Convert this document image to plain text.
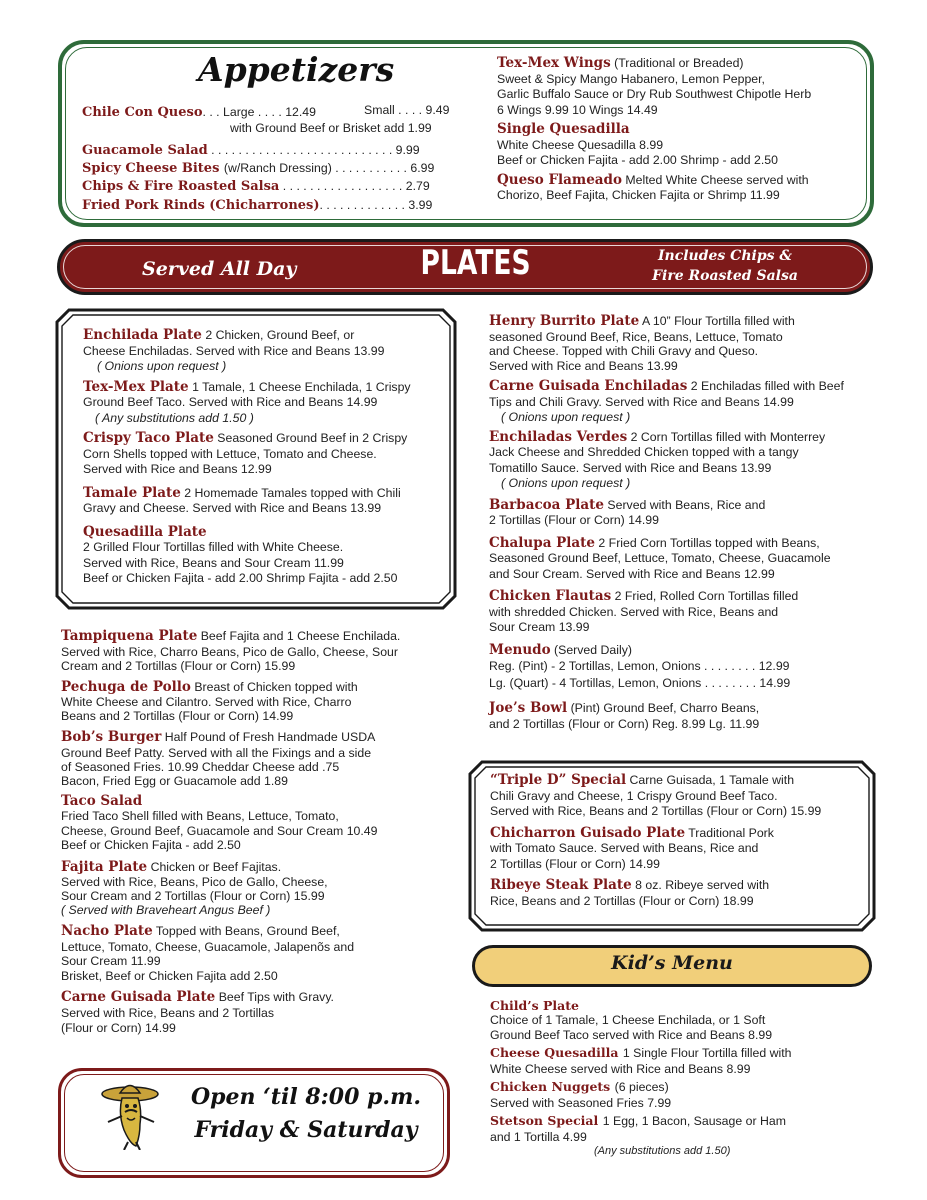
Appetizers
Chile Con Queso. . . Large . . . . 12.49	Small . . . . 9.49
with Ground Beef or Brisket add 1.99
Guacamole Salad . . . . . . . . . . . . . . . . . . . . . . . . . . . 9.99
Spicy Cheese Bites (w/Ranch Dressing) . . . . . . . . . . . 6.99
Chips & Fire Roasted Salsa . . . . . . . . . . . . . . . . . . 2.79
Fried Pork Rinds (Chicharrones). . . . . . . . . . . . . 3.99
Tex-Mex Wings (Traditional or Breaded)
Sweet & Spicy Mango Habanero, Lemon Pepper,
Garlic Buffalo Sauce or Dry Rub Southwest Chipotle Herb
6 Wings 9.99 10 Wings 14.49
Single Quesadilla
White Cheese Quesadilla 8.99
Beef or Chicken Fajita - add 2.00 Shrimp - add 2.50
Queso Flameado Melted White Cheese served with
Chorizo, Beef Fajita, Chicken Fajita or Shrimp 11.99
Served All Day	PLATES	Includes Chips &
Fire Roasted Salsa
Enchilada Plate 2 Chicken, Ground Beef, or
Cheese Enchiladas. Served with Rice and Beans 13.99
( Onions upon request )
Tex-Mex Plate 1 Tamale, 1 Cheese Enchilada, 1 Crispy
Ground Beef Taco. Served with Rice and Beans 14.99
( Any substitutions add 1.50 )
Crispy Taco Plate Seasoned Ground Beef in 2 Crispy
Corn Shells topped with Lettuce, Tomato and Cheese.
Served with Rice and Beans 12.99
Tamale Plate 2 Homemade Tamales topped with Chili
Gravy and Cheese. Served with Rice and Beans 13.99
Quesadilla Plate
2 Grilled Flour Tortillas filled with White Cheese.
Served with Rice, Beans and Sour Cream 11.99
Beef or Chicken Fajita - add 2.00 Shrimp Fajita - add 2.50
Tampiquena Plate Beef Fajita and 1 Cheese Enchilada.
Served with Rice, Charro Beans, Pico de Gallo, Cheese, Sour
Cream and 2 Tortillas (Flour or Corn) 15.99
Pechuga de Pollo Breast of Chicken topped with
White Cheese and Cilantro. Served with Rice, Charro
Beans and 2 Tortillas (Flour or Corn) 14.99
Bob’s Burger Half Pound of Fresh Handmade USDA
Ground Beef Patty. Served with all the Fixings and a side
of Seasoned Fries. 10.99 Cheddar Cheese add .75
Bacon, Fried Egg or Guacamole add 1.89
Taco Salad
Fried Taco Shell filled with Beans, Lettuce, Tomato,
Cheese, Ground Beef, Guacamole and Sour Cream 10.49
Beef or Chicken Fajita - add 2.50
Fajita Plate Chicken or Beef Fajitas.
Served with Rice, Beans, Pico de Gallo, Cheese,
Sour Cream and 2 Tortillas (Flour or Corn) 15.99
( Served with Braveheart Angus Beef )
Nacho Plate Topped with Beans, Ground Beef,
Lettuce, Tomato, Cheese, Guacamole, Jalapenõs and
Sour Cream 11.99
Brisket, Beef or Chicken Fajita add 2.50
Carne Guisada Plate Beef Tips with Gravy.
Served with Rice, Beans and 2 Tortillas
(Flour or Corn) 14.99
Henry Burrito Plate A 10” Flour Tortilla filled with
seasoned Ground Beef, Rice, Beans, Lettuce, Tomato
and Cheese. Topped with Chili Gravy and Queso.
Served with Rice and Beans 13.99
Carne Guisada Enchiladas 2 Enchiladas filled with Beef
Tips and Chili Gravy. Served with Rice and Beans 14.99
( Onions upon request )
Enchiladas Verdes 2 Corn Tortillas filled with Monterrey
Jack Cheese and Shredded Chicken topped with a tangy
Tomatillo Sauce. Served with Rice and Beans 13.99
( Onions upon request )
Barbacoa Plate Served with Beans, Rice and
2 Tortillas (Flour or Corn) 14.99
Chalupa Plate 2 Fried Corn Tortillas topped with Beans,
Seasoned Ground Beef, Lettuce, Tomato, Cheese, Guacamole
and Sour Cream. Served with Rice and Beans 12.99
Chicken Flautas 2 Fried, Rolled Corn Tortillas filled
with shredded Chicken. Served with Rice, Beans and
Sour Cream 13.99
Menudo (Served Daily)
Reg. (Pint) - 2 Tortillas, Lemon, Onions . . . . . . . . 12.99
Lg. (Quart) - 4 Tortillas, Lemon, Onions . . . . . . . . 14.99
Joe’s Bowl (Pint) Ground Beef, Charro Beans,
and 2 Tortillas (Flour or Corn) Reg. 8.99 Lg. 11.99
“Triple D” Special Carne Guisada, 1 Tamale with
Chili Gravy and Cheese, 1 Crispy Ground Beef Taco.
Served with Rice, Beans and 2 Tortillas (Flour or Corn) 15.99
Chicharron Guisado Plate Traditional Pork
with Tomato Sauce. Served with Beans, Rice and
2 Tortillas (Flour or Corn) 14.99
Ribeye Steak Plate 8 oz. Ribeye served with
Rice, Beans and 2 Tortillas (Flour or Corn) 18.99
Kid’s Menu
Child’s Plate
Choice of 1 Tamale, 1 Cheese Enchilada, or 1 Soft
Ground Beef Taco served with Rice and Beans 8.99
Cheese Quesadilla 1 Single Flour Tortilla filled with
White Cheese served with Rice and Beans 8.99
Chicken Nuggets (6 pieces)
Served with Seasoned Fries 7.99
Stetson Special 1 Egg, 1 Bacon, Sausage or Ham
and 1 Tortilla 4.99
(Any substitutions add 1.50)
Open ‘til 8:00 p.m.
Friday & Saturday
